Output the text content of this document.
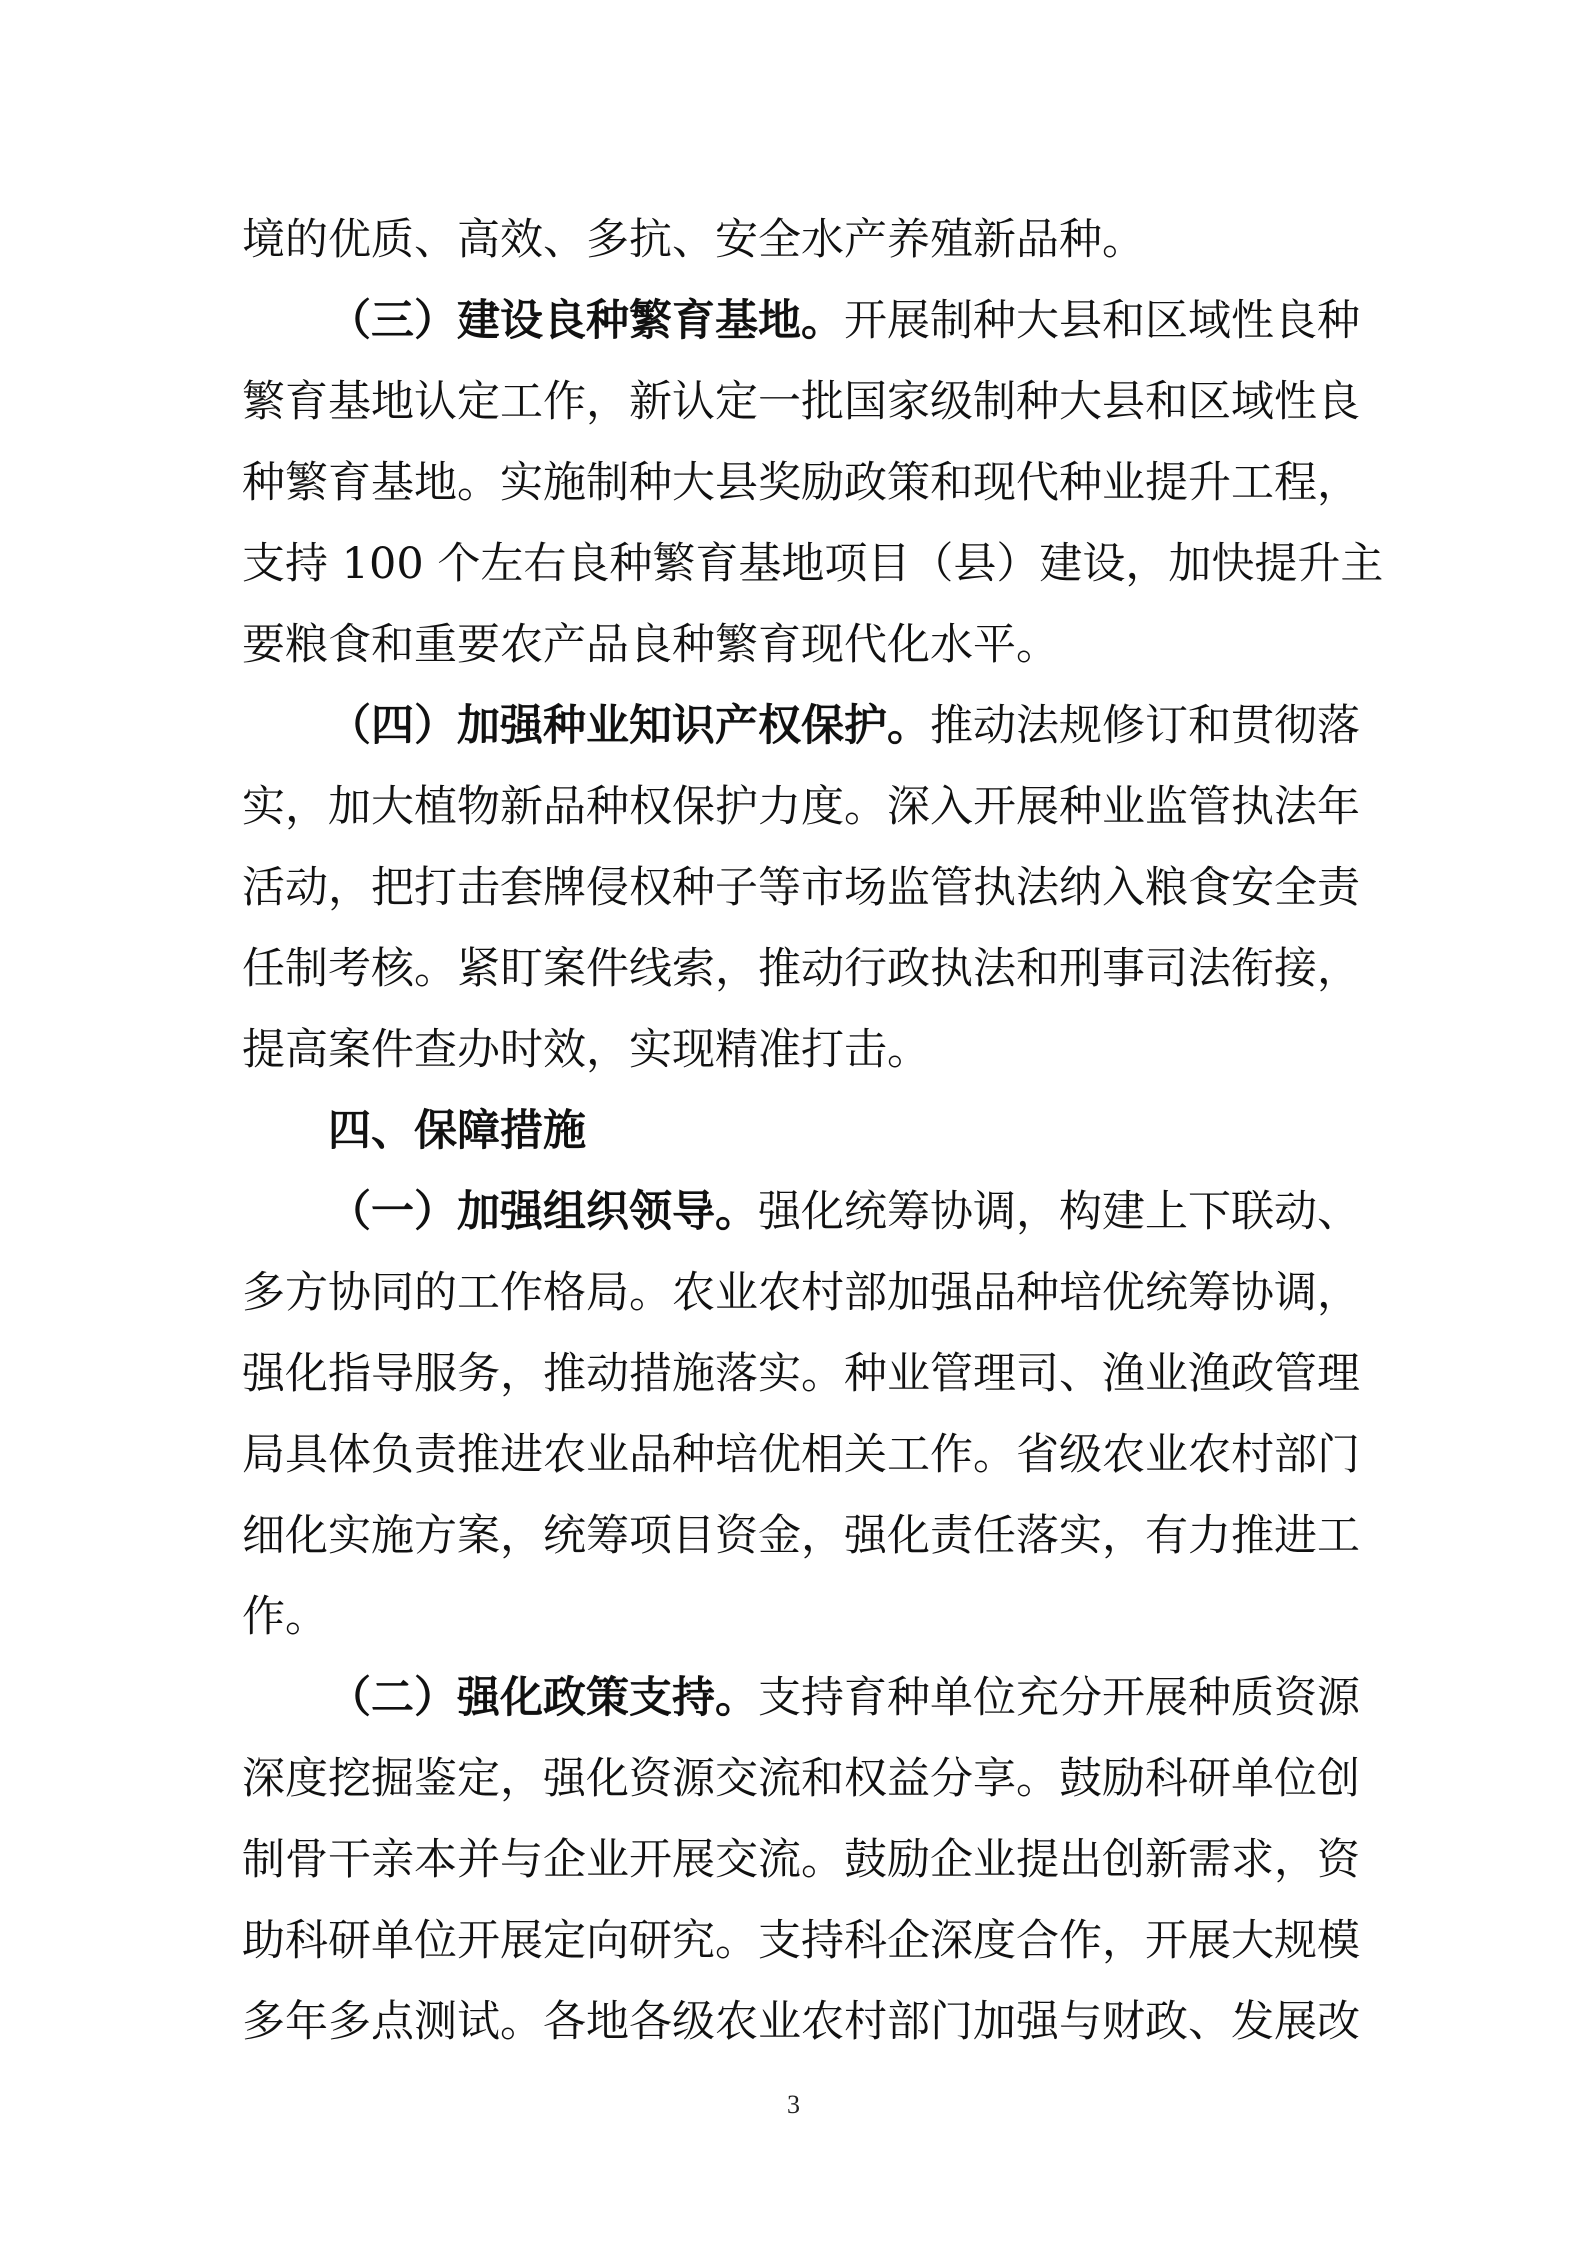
境的优质、高效、多抗、安全水产养殖新品种。
（三）建设良种繁育基地。开展制种大县和区域性良种
繁育基地认定工作，新认定一批国家级制种大县和区域性良
种繁育基地。实施制种大县奖励政策和现代种业提升工程，
支持 100 个左右良种繁育基地项目（县）建设，加快提升主
要粮食和重要农产品良种繁育现代化水平。
（四）加强种业知识产权保护。推动法规修订和贯彻落
实，加大植物新品种权保护力度。深入开展种业监管执法年
活动，把打击套牌侵权种子等市场监管执法纳入粮食安全责
任制考核。紧盯案件线索，推动行政执法和刑事司法衔接，
提高案件查办时效，实现精准打击。
四、保障措施
（一）加强组织领导。强化统筹协调，构建上下联动、
多方协同的工作格局。农业农村部加强品种培优统筹协调，
强化指导服务，推动措施落实。种业管理司、渔业渔政管理
局具体负责推进农业品种培优相关工作。省级农业农村部门
细化实施方案，统筹项目资金，强化责任落实，有力推进工
作。
（二）强化政策支持。支持育种单位充分开展种质资源
深度挖掘鉴定，强化资源交流和权益分享。鼓励科研单位创
制骨干亲本并与企业开展交流。鼓励企业提出创新需求，资
助科研单位开展定向研究。支持科企深度合作，开展大规模
多年多点测试。各地各级农业农村部门加强与财政、发展改
3
